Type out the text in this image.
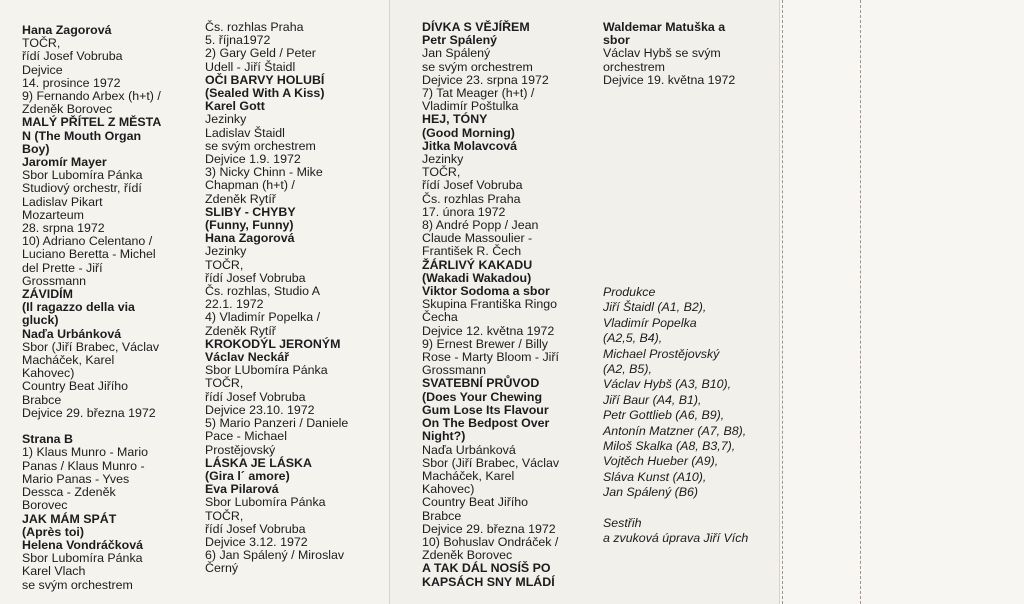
Hana Zagorová
TOČR,
řídí Josef Vobruba
Dejvice
14. prosince 1972
9) Fernando Arbex (h+t) /
Zdeněk Borovec
MALÝ PŘÍTEL Z MĚSTA
N (The Mouth Organ
Boy)
Jaromír Mayer
Sbor Lubomíra Pánka
Studiový orchestr, řídí
Ladislav Pikart
Mozarteum
28. srpna 1972
10) Adriano Celentano /
Luciano Beretta - Michel
del Prette - Jiří
Grossmann
ZÁVIDÍM
(Il ragazzo della via
gluck)
Naďa Urbánková
Sbor (Jiří Brabec, Václav
Macháček, Karel
Kahovec)
Country Beat Jiřího
Brabce
Dejvice 29. března 1972
Strana B
1) Klaus Munro - Mario
Panas / Klaus Munro -
Mario Panas - Yves
Dessca - Zdeněk
Borovec
JAK MÁM SPÁT
(Après toi)
Helena Vondráčková
Sbor Lubomíra Pánka
Karel Vlach
se svým orchestrem
Čs. rozhlas Praha
5. října1972
2) Gary Geld / Peter
Udell - Jiří Štaidl
OČI BARVY HOLUBÍ
(Sealed With A Kiss)
Karel Gott
Jezinky
Ladislav Štaidl
se svým orchestrem
Dejvice 1.9. 1972
3) Nicky Chinn - Mike
Chapman (h+t) /
Zdeněk Rytíř
SLIBY - CHYBY
(Funny, Funny)
Hana Zagorová
Jezinky
TOČR,
řídí Josef Vobruba
Čs. rozhlas, Studio A
22.1. 1972
4) Vladimír Popelka /
Zdeněk Rytíř
KROKODÝL JERONÝM
Václav Neckář
Sbor LUbomíra Pánka
TOČR,
řídí Josef Vobruba
Dejvice 23.10. 1972
5) Mario Panzeri / Daniele
Pace - Michael
Prostějovský
LÁSKA JE LÁSKA
(Gira l´ amore)
Eva Pilarová
Sbor Lubomíra Pánka
TOČR,
řídí Josef Vobruba
Dejvice 3.12. 1972
6) Jan Spálený / Miroslav
Černý
DÍVKA S VĚJÍŘEM
Petr Spálený
Jan Spálený
se svým orchestrem
Dejvice 23. srpna 1972
7) Tat Meager (h+t) /
Vladimír Poštulka
HEJ, TÓNY
(Good Morning)
Jitka Molavcová
Jezinky
TOČR,
řídí Josef Vobruba
Čs. rozhlas Praha
17. února 1972
8) André Popp / Jean
Claude Massoulier -
František R. Čech
ŽÁRLIVÝ KAKADU
(Wakadi Wakadou)
Viktor Sodoma a sbor
Skupina Františka Ringo
Čecha
Dejvice 12. května 1972
9) Ernest Brewer / Billy
Rose - Marty Bloom - Jiří
Grossmann
SVATEBNÍ PRŮVOD
(Does Your Chewing
Gum Lose Its Flavour
On The Bedpost Over
Night?)
Naďa Urbánková
Sbor (Jiří Brabec, Václav
Macháček, Karel
Kahovec)
Country Beat Jiřího
Brabce
Dejvice 29. března 1972
10) Bohuslav Ondráček /
Zdeněk Borovec
A TAK DÁL NOSÍŠ PO
KAPSÁCH SNY MLÁDÍ
Waldemar Matuška a
sbor
Václav Hybš se svým
orchestrem
Dejvice 19. května 1972
Produkce
Jiří Štaidl (A1, B2),
Vladimír Popelka
(A2,5, B4),
Michael Prostějovský
(A2, B5),
Václav Hybš (A3, B10),
Jiří Baur (A4, B1),
Petr Gottlieb (A6, B9),
Antonín Matzner (A7, B8),
Miloš Skalka (A8, B3,7),
Vojtěch Hueber (A9),
Sláva Kunst (A10),
Jan Spálený (B6)
Sestřih
a zvuková úprava Jiří Vích
